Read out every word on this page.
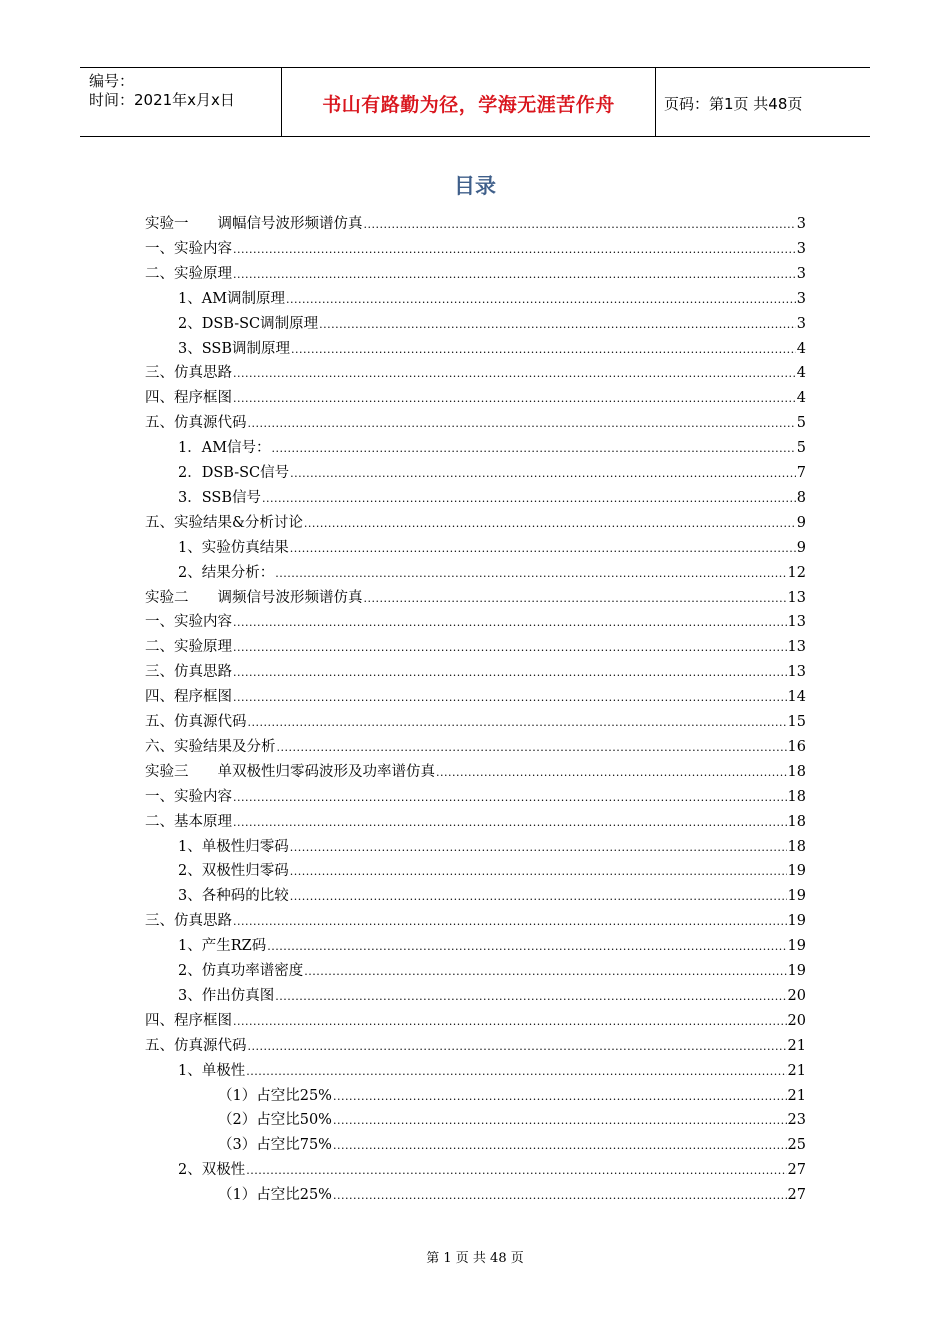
编号：
时间：2021年x月x日	书山有路勤为径，学海无涯苦作舟	页码：第1页 共48页
目录
实验一　　调幅信号波形频谱仿真 .....	3
一、实验内容 .....	3
二、实验原理 .....	3
1、AM调制原理 .....	3
2、DSB-SC调制原理 .....	3
3、SSB调制原理 .....	4
三、仿真思路 .....	4
四、程序框图 .....	4
五、仿真源代码 .....	5
1．AM信号： .....	5
2．DSB-SC信号 .....	7
3．SSB信号 .....	8
五、实验结果&分析讨论 .....	9
1、实验仿真结果 .....	9
2、结果分析： .....	12
实验二　　调频信号波形频谱仿真 .....	13
一、实验内容 .....	13
二、实验原理 .....	13
三、仿真思路 .....	13
四、程序框图 .....	14
五、仿真源代码 .....	15
六、实验结果及分析 .....	16
实验三　　单双极性归零码波形及功率谱仿真 .....	18
一、实验内容 .....	18
二、基本原理 .....	18
1、单极性归零码 .....	18
2、双极性归零码 .....	19
3、各种码的比较 .....	19
三、仿真思路 .....	19
1、产生RZ码 .....	19
2、仿真功率谱密度 .....	19
3、作出仿真图 .....	20
四、程序框图 .....	20
五、仿真源代码 .....	21
1、单极性 .....	21
（1）占空比25% .....	21
（2）占空比50% .....	23
（3）占空比75% .....	25
2、双极性 .....	27
（1）占空比25% .....	27
第 1 页 共 48 页
